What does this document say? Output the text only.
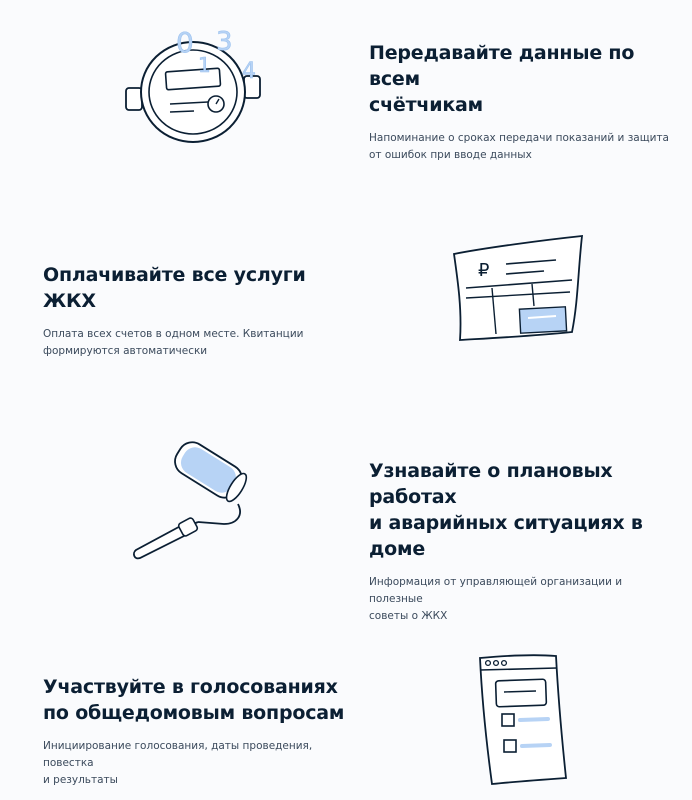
0
1
3
4
Передавайте данные по всем
счётчикам

Напоминание о сроках передачи показаний и защита
от ошибок при вводе данных

Оплачивайте все услуги ЖКХ

Оплата всех счетов в одном месте. Квитанции
формируются автоматически

₽
Узнавайте о плановых работах
и аварийных ситуациях в доме

Информация от управляющей организации и полезные
советы о ЖКХ

Участвуйте в голосованиях
по общедомовым вопросам

Инициирование голосования, даты проведения, повестка
и результаты
